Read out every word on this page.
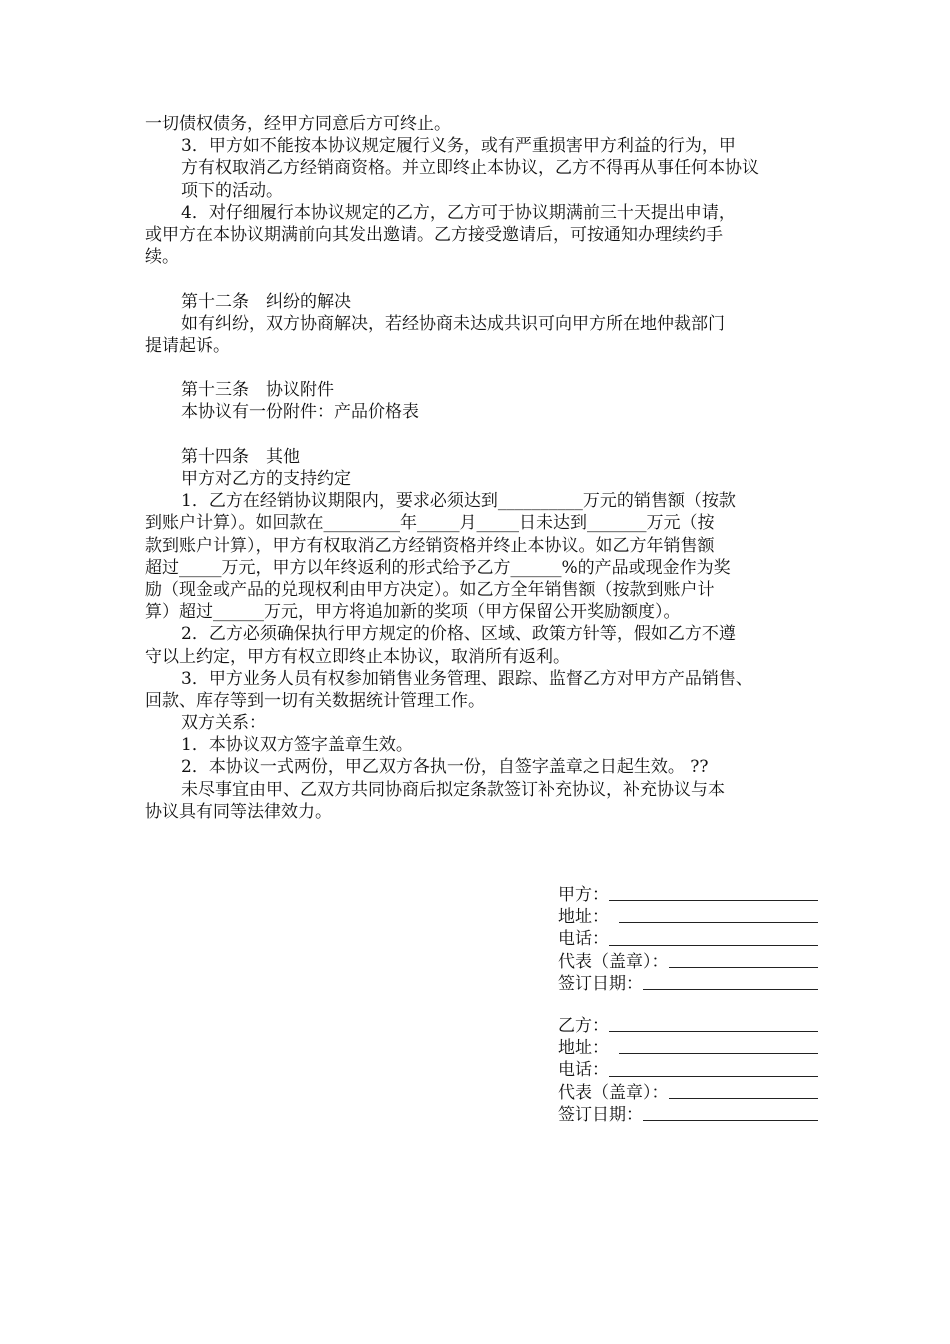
一切债权债务，经甲方同意后方可终止。
3．甲方如不能按本协议规定履行义务，或有严重损害甲方利益的行为，甲
方有权取消乙方经销商资格。并立即终止本协议，乙方不得再从事任何本协议
项下的活动。
4．对仔细履行本协议规定的乙方，乙方可于协议期满前三十天提出申请，
或甲方在本协议期满前向其发出邀请。乙方接受邀请后，可按通知办理续约手
续。
第十二条　纠纷的解决
如有纠纷，双方协商解决，若经协商未达成共识可向甲方所在地仲裁部门
提请起诉。
第十三条　协议附件
本协议有一份附件：产品价格表
第十四条　其他
甲方对乙方的支持约定
1．乙方在经销协议期限内，要求必须达到__________万元的销售额（按款
到账户计算）。如回款在_________年_____月_____日未达到_______万元（按
款到账户计算），甲方有权取消乙方经销资格并终止本协议。如乙方年销售额
超过_____万元，甲方以年终返利的形式给予乙方______%的产品或现金作为奖
励（现金或产品的兑现权利由甲方决定）。如乙方全年销售额（按款到账户计
算）超过______万元，甲方将追加新的奖项（甲方保留公开奖励额度）。
2．乙方必须确保执行甲方规定的价格、区域、政策方针等，假如乙方不遵
守以上约定，甲方有权立即终止本协议，取消所有返利。
3．甲方业务人员有权参加销售业务管理、跟踪、监督乙方对甲方产品销售、
回款、库存等到一切有关数据统计管理工作。
双方关系：
1．本协议双方签字盖章生效。
2．本协议一式两份，甲乙双方各执一份，自签字盖章之日起生效。 ??
未尽事宜由甲、乙双方共同协商后拟定条款签订补充协议，补充协议与本
协议具有同等法律效力。
甲方：
地址：
电话：
代表（盖章）：
签订日期：
乙方：
地址：
电话：
代表（盖章）：
签订日期：
